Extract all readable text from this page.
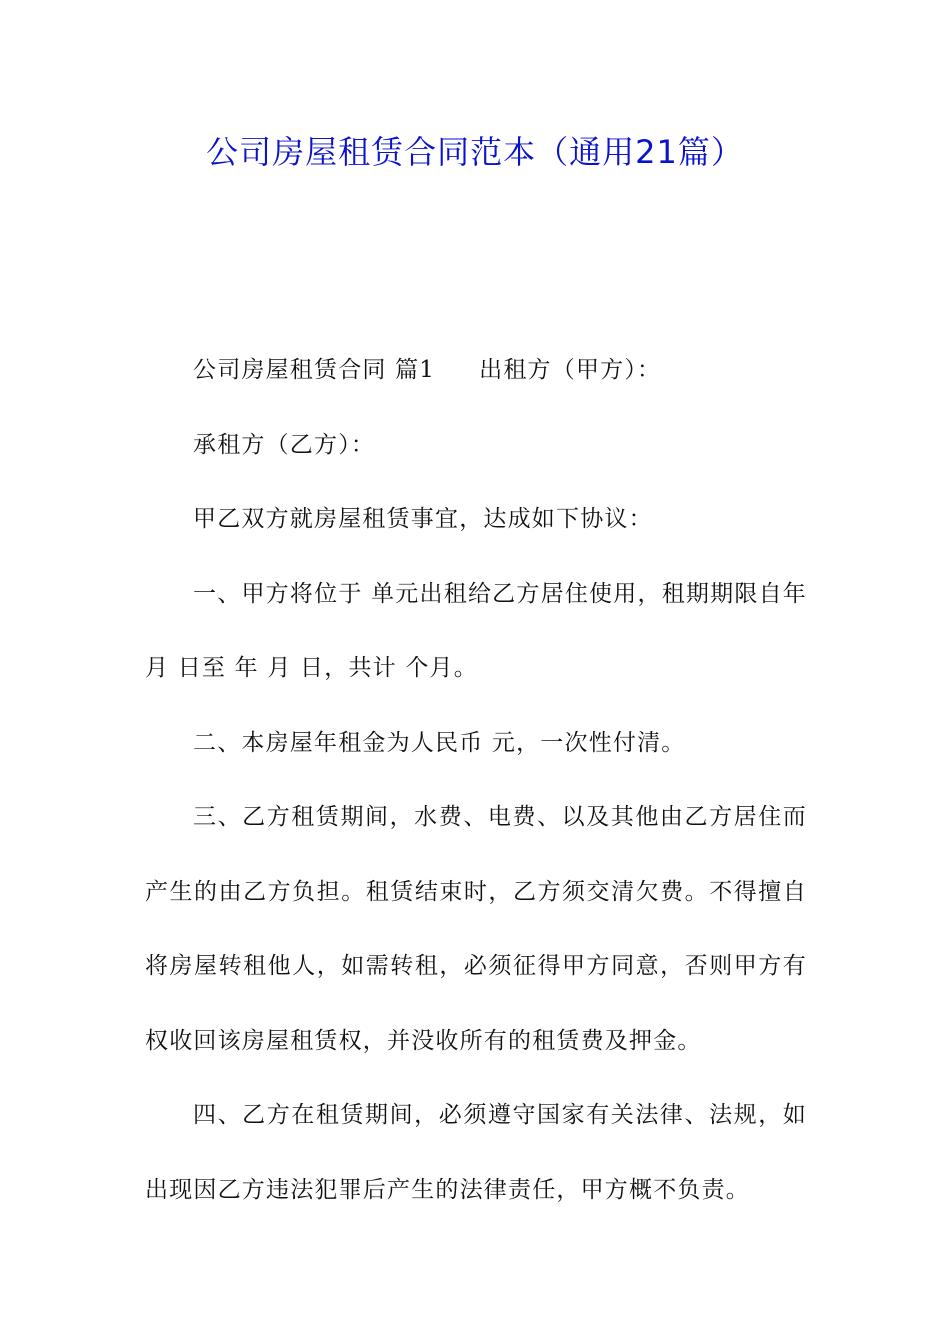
公司房屋租赁合同范本（通用21篇）

公司房屋租赁合同 篇1 出租方（甲方）：

承租方（乙方）：

甲乙双方就房屋租赁事宜，达成如下协议：

一、甲方将位于 单元出租给乙方居住使用，租期期限自年 月 日至 年 月 日，共计 个月。

二、本房屋年租金为人民币 元，一次性付清。

三、乙方租赁期间，水费、电费、以及其他由乙方居住而产生的由乙方负担。租赁结束时，乙方须交清欠费。不得擅自将房屋转租他人，如需转租，必须征得甲方同意，否则甲方有权收回该房屋租赁权，并没收所有的租赁费及押金。

四、乙方在租赁期间，必须遵守国家有关法律、法规，如出现因乙方违法犯罪后产生的法律责任，甲方概不负责。
